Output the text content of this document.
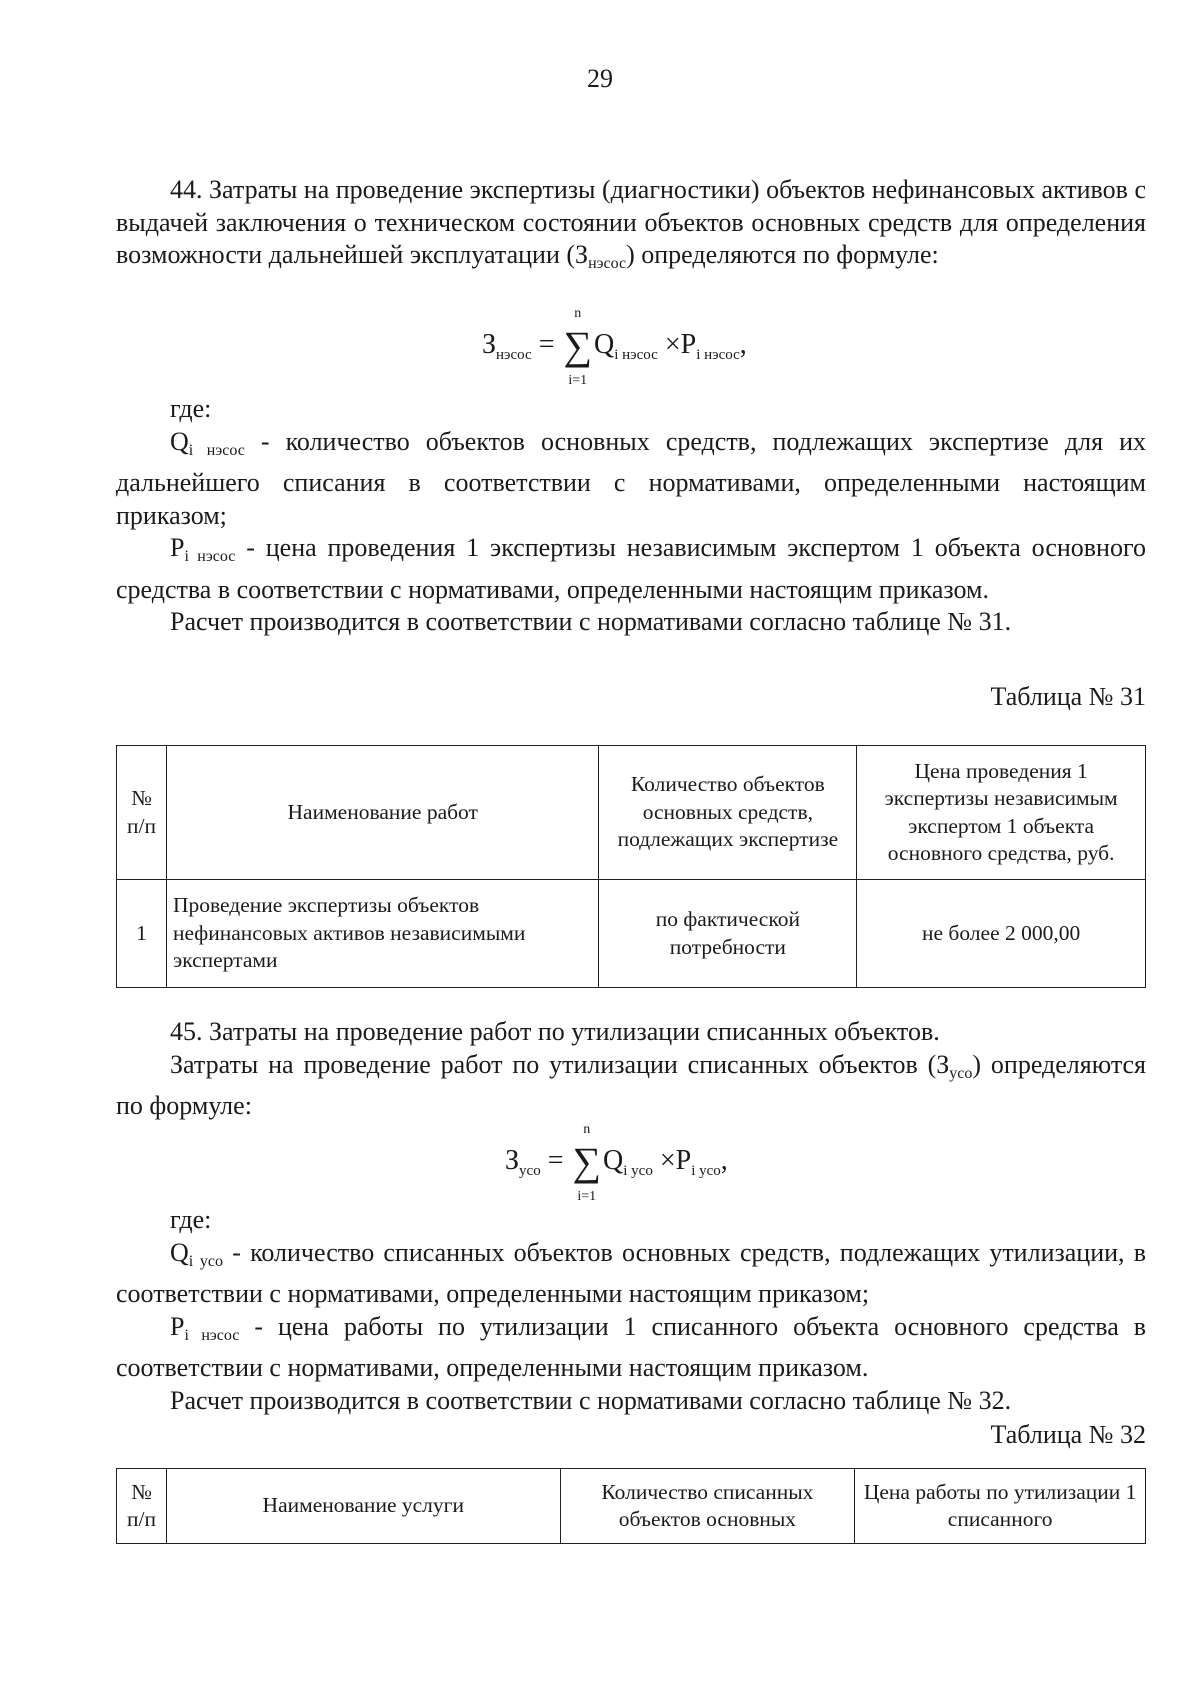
29

44. Затраты на проведение экспертизы (диагностики) объектов нефинансовых активов с выдачей заключения о техническом состоянии объектов основных средств для определения возможности дальнейшей эксплуатации (Знэсос) определяются по формуле:

$З_{нэсос}$ =
n
∑
i=1
$Q_{i нэсос} \times P_{i нэсос}$,

где:

Qi нэсос - количество объектов основных средств, подлежащих экспертизе для их дальнейшего списания в соответствии с нормативами, определенными настоящим приказом;

Pi нэсос - цена проведения 1 экспертизы независимым экспертом 1 объекта основного средства в соответствии с нормативами, определенными настоящим приказом.

Расчет производится в соответствии с нормативами согласно таблице № 31.

Таблица № 31
№ п/п	Наименование работ	Количество объектов основных средств, подлежащих экспертизе	Цена проведения 1 экспертизы независимым экспертом 1 объекта основного средства, руб.
1	Проведение экспертизы объектов нефинансовых активов независимыми экспертами	по фактической потребности	не более 2 000,00

45. Затраты на проведение работ по утилизации списанных объектов.

Затраты на проведение работ по утилизации списанных объектов (Зусо) определяются по формуле:

$З_{усо}$ =
n
∑
i=1
$Q_{i усо} \times P_{i усо}$,

где:

Qi усо - количество списанных объектов основных средств, подлежащих утилизации, в соответствии с нормативами, определенными настоящим приказом;

Pi нэсос - цена работы по утилизации 1 списанного объекта основного средства в соответствии с нормативами, определенными настоящим приказом.

Расчет производится в соответствии с нормативами согласно таблице № 32.

Таблица № 32
№ п/п	Наименование услуги	Количество списанных объектов основных	Цена работы по утилизации 1 списанного
